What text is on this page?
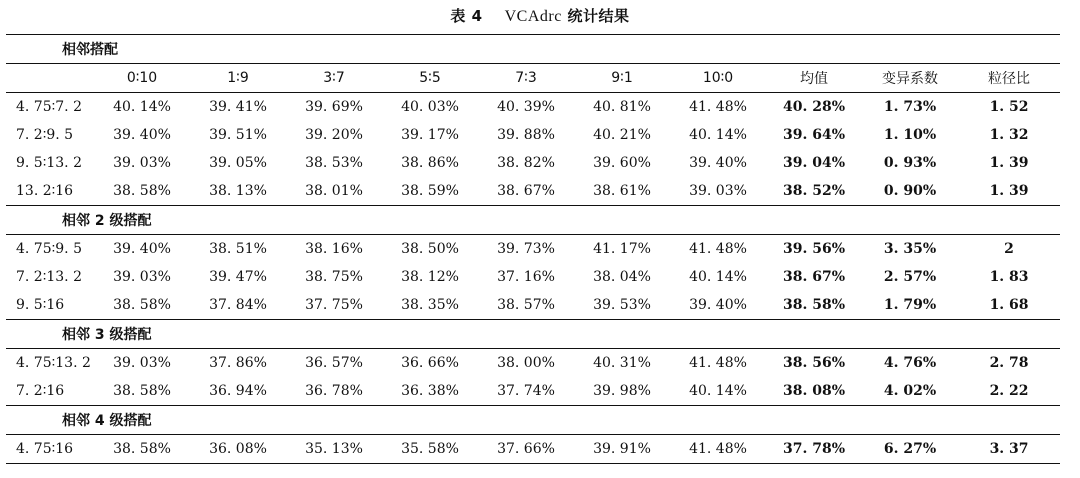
表 4 VCAdrc 统计结果
相邻搭配										
	0∶10	1∶9	3∶7	5∶5	7∶3	9∶1	10∶0	均值	变异系数	粒径比
4. 75∶7. 2	40. 14%	39. 41%	39. 69%	40. 03%	40. 39%	40. 81%	41. 48%	40. 28%	1. 73%	1. 52
7. 2∶9. 5	39. 40%	39. 51%	39. 20%	39. 17%	39. 88%	40. 21%	40. 14%	39. 64%	1. 10%	1. 32
9. 5∶13. 2	39. 03%	39. 05%	38. 53%	38. 86%	38. 82%	39. 60%	39. 40%	39. 04%	0. 93%	1. 39
13. 2∶16	38. 58%	38. 13%	38. 01%	38. 59%	38. 67%	38. 61%	39. 03%	38. 52%	0. 90%	1. 39
相邻 2 级搭配										
4. 75∶9. 5	39. 40%	38. 51%	38. 16%	38. 50%	39. 73%	41. 17%	41. 48%	39. 56%	3. 35%	2
7. 2∶13. 2	39. 03%	39. 47%	38. 75%	38. 12%	37. 16%	38. 04%	40. 14%	38. 67%	2. 57%	1. 83
9. 5∶16	38. 58%	37. 84%	37. 75%	38. 35%	38. 57%	39. 53%	39. 40%	38. 58%	1. 79%	1. 68
相邻 3 级搭配										
4. 75∶13. 2	39. 03%	37. 86%	36. 57%	36. 66%	38. 00%	40. 31%	41. 48%	38. 56%	4. 76%	2. 78
7. 2∶16	38. 58%	36. 94%	36. 78%	36. 38%	37. 74%	39. 98%	40. 14%	38. 08%	4. 02%	2. 22
相邻 4 级搭配										
4. 75∶16	38. 58%	36. 08%	35. 13%	35. 58%	37. 66%	39. 91%	41. 48%	37. 78%	6. 27%	3. 37
